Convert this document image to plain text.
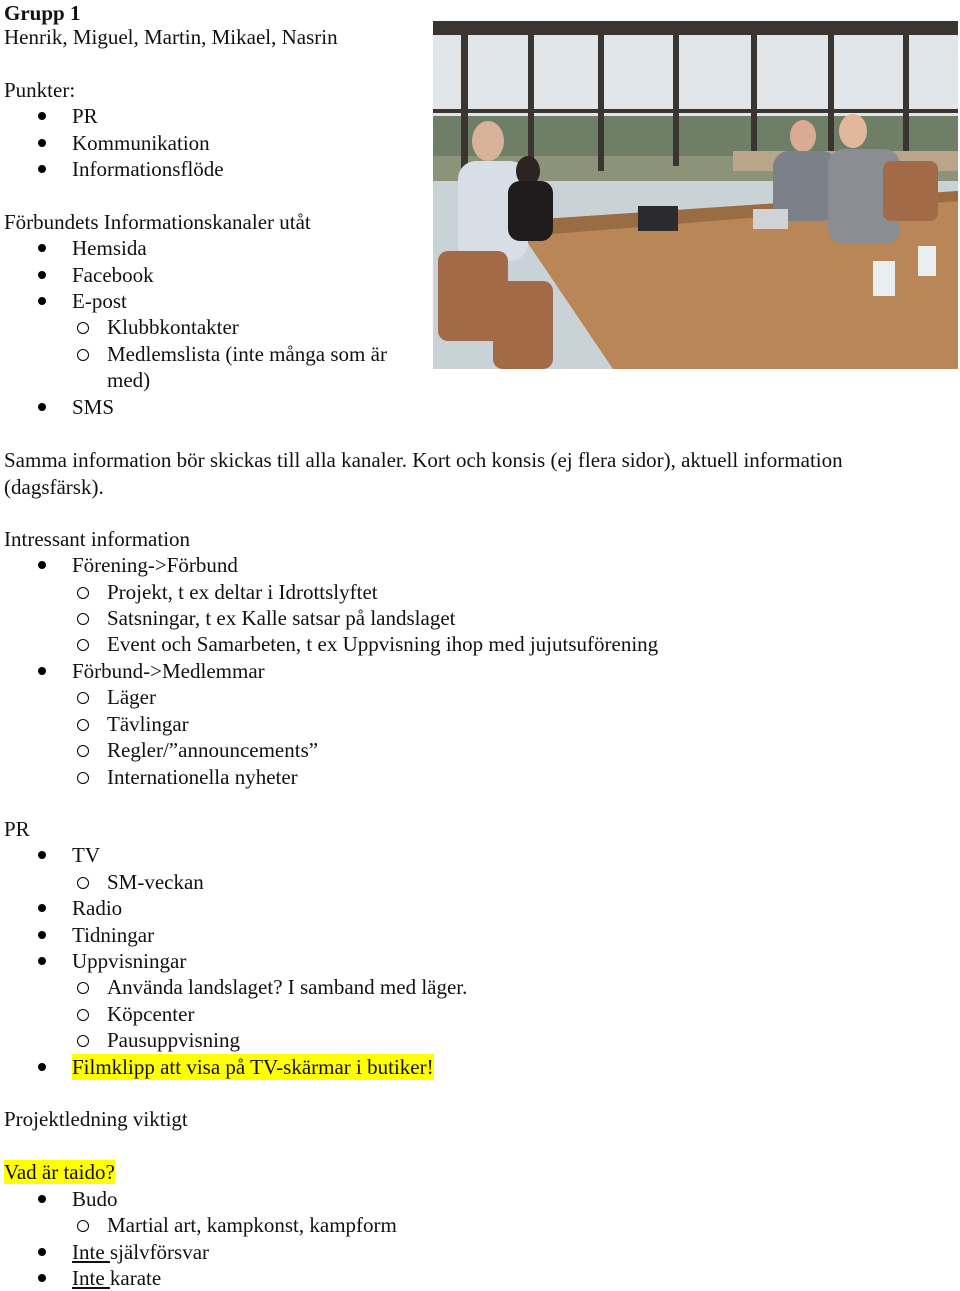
Grupp 1
Henrik, Miguel, Martin, Mikael, Nasrin
Punkter:
PR
Kommunikation
Informationsflöde
Förbundets Informationskanaler utåt
Hemsida
Facebook
E-post
Klubbkontakter
Medlemslista (inte många som är
med)
SMS
Samma information bör skickas till alla kanaler. Kort och konsis (ej flera sidor), aktuell information
(dagsfärsk).
Intressant information
Förening->Förbund
Projekt, t ex deltar i Idrottslyftet
Satsningar, t ex Kalle satsar på landslaget
Event och Samarbeten, t ex Uppvisning ihop med jujutsuförening
Förbund->Medlemmar
Läger
Tävlingar
Regler/”announcements”
Internationella nyheter
PR
TV
SM-veckan
Radio
Tidningar
Uppvisningar
Använda landslaget? I samband med läger.
Köpcenter
Pausuppvisning
Filmklipp att visa på TV-skärmar i butiker!
Projektledning viktigt
Vad är taido?
Budo
Martial art, kampkonst, kampform
Inte självförsvar
Inte karate
